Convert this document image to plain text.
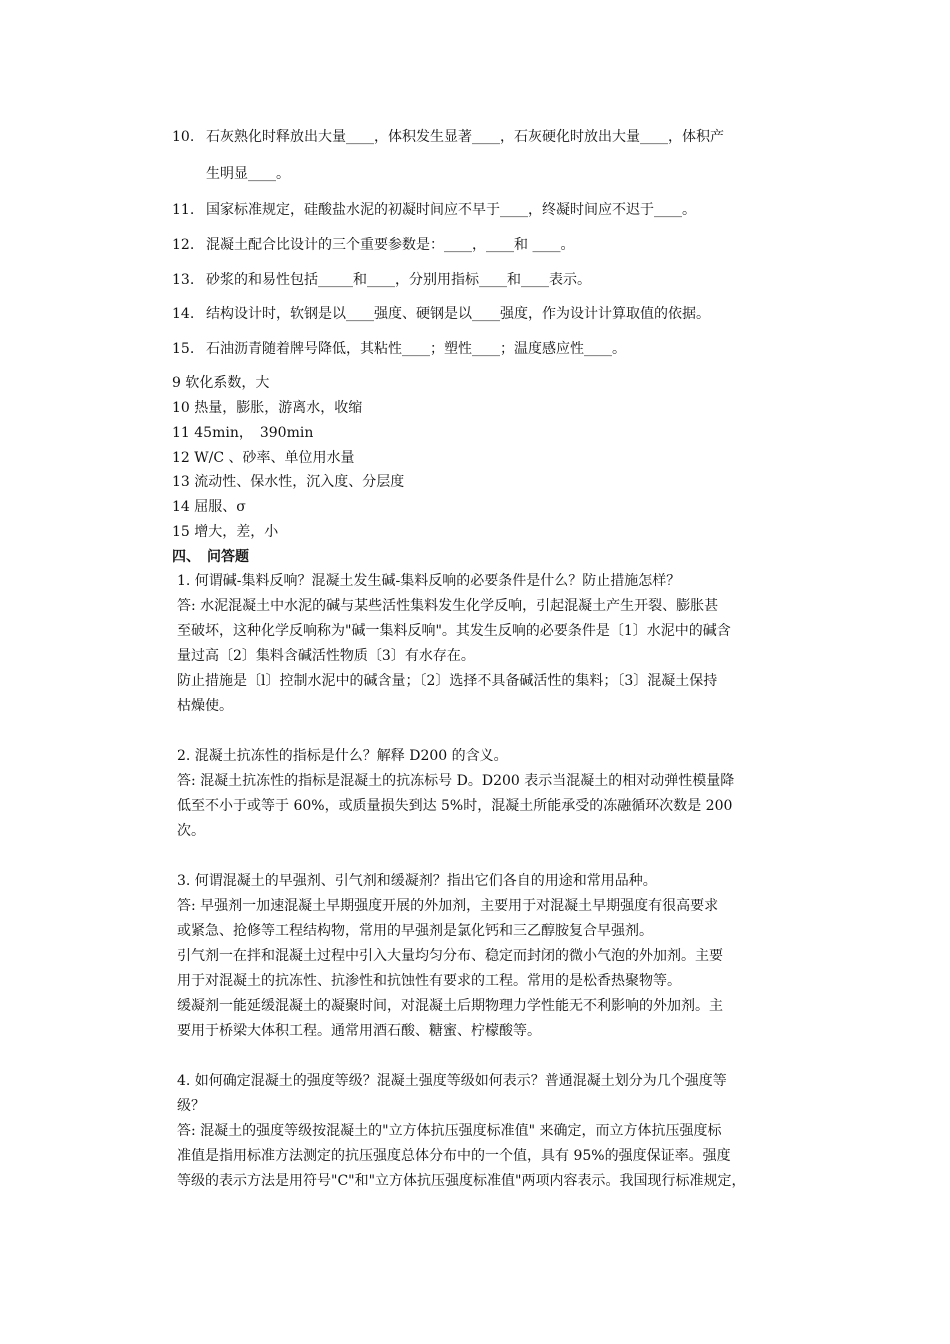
10. 石灰熟化时释放出大量____，体积发生显著____，石灰硬化时放出大量____，体积产
生明显____。
11. 国家标准规定，硅酸盐水泥的初凝时间应不早于____，终凝时间应不迟于____。
12. 混凝土配合比设计的三个重要参数是：____，____和 ____。
13. 砂浆的和易性包括_____和____，分别用指标____和____表示。
14. 结构设计时，软钢是以____强度、硬钢是以____强度，作为设计计算取值的依据。
15. 石油沥青随着牌号降低，其粘性____；塑性____；温度感应性____。
9 软化系数，大
10 热量，膨胀，游离水，收缩
11 45min，　390min
12 W/C 、砂率、单位用水量
13 流动性、保水性，沉入度、分层度
14 屈服、σ
15 增大，差，小
四、　问答题

1. 何谓碱-集料反响？混凝土发生碱-集料反响的必要条件是什么？防止措施怎样？

答: 水泥混凝土中水泥的碱与某些活性集料发生化学反响，引起混凝土产生开裂、膨胀甚

至破坏，这种化学反响称为"碱一集料反响"。其发生反响的必要条件是〔1〕水泥中的碱含

量过高〔2〕集料含碱活性物质〔3〕有水存在。

防止措施是〔l〕控制水泥中的碱含量；〔2〕选择不具备碱活性的集料；〔3〕混凝土保持

枯燥使。

2. 混凝土抗冻性的指标是什么？解释 D200 的含义。

答: 混凝土抗冻性的指标是混凝土的抗冻标号 D。D200 表示当混凝土的相对动弹性模量降

低至不小于或等于 60%，或质量损失到达 5%时，混凝土所能承受的冻融循环次数是 200

次。

3. 何谓混凝土的早强剂、引气剂和缓凝剂？指出它们各自的用途和常用品种。

答: 早强剂一加速混凝土早期强度开展的外加剂，主要用于对混凝土早期强度有很高要求

或紧急、抢修等工程结构物，常用的早强剂是氯化钙和三乙醇胺复合早强剂。

引气剂一在拌和混凝土过程中引入大量均匀分布、稳定而封闭的微小气泡的外加剂。主要

用于对混凝土的抗冻性、抗渗性和抗蚀性有要求的工程。常用的是松香热聚物等。

缓凝剂一能延缓混凝土的凝聚时间，对混凝土后期物理力学性能无不利影响的外加剂。主

要用于桥梁大体积工程。通常用酒石酸、糖蜜、柠檬酸等。

4. 如何确定混凝土的强度等级？混凝土强度等级如何表示？普通混凝土划分为几个强度等

级？

答: 混凝土的强度等级按混凝土的"立方体抗压强度标准值" 来确定，而立方体抗压强度标

准值是指用标准方法测定的抗压强度总体分布中的一个值，具有 95%的强度保证率。强度

等级的表示方法是用符号"C"和"立方体抗压强度标准值"两项内容表示。我国现行标准规定，
